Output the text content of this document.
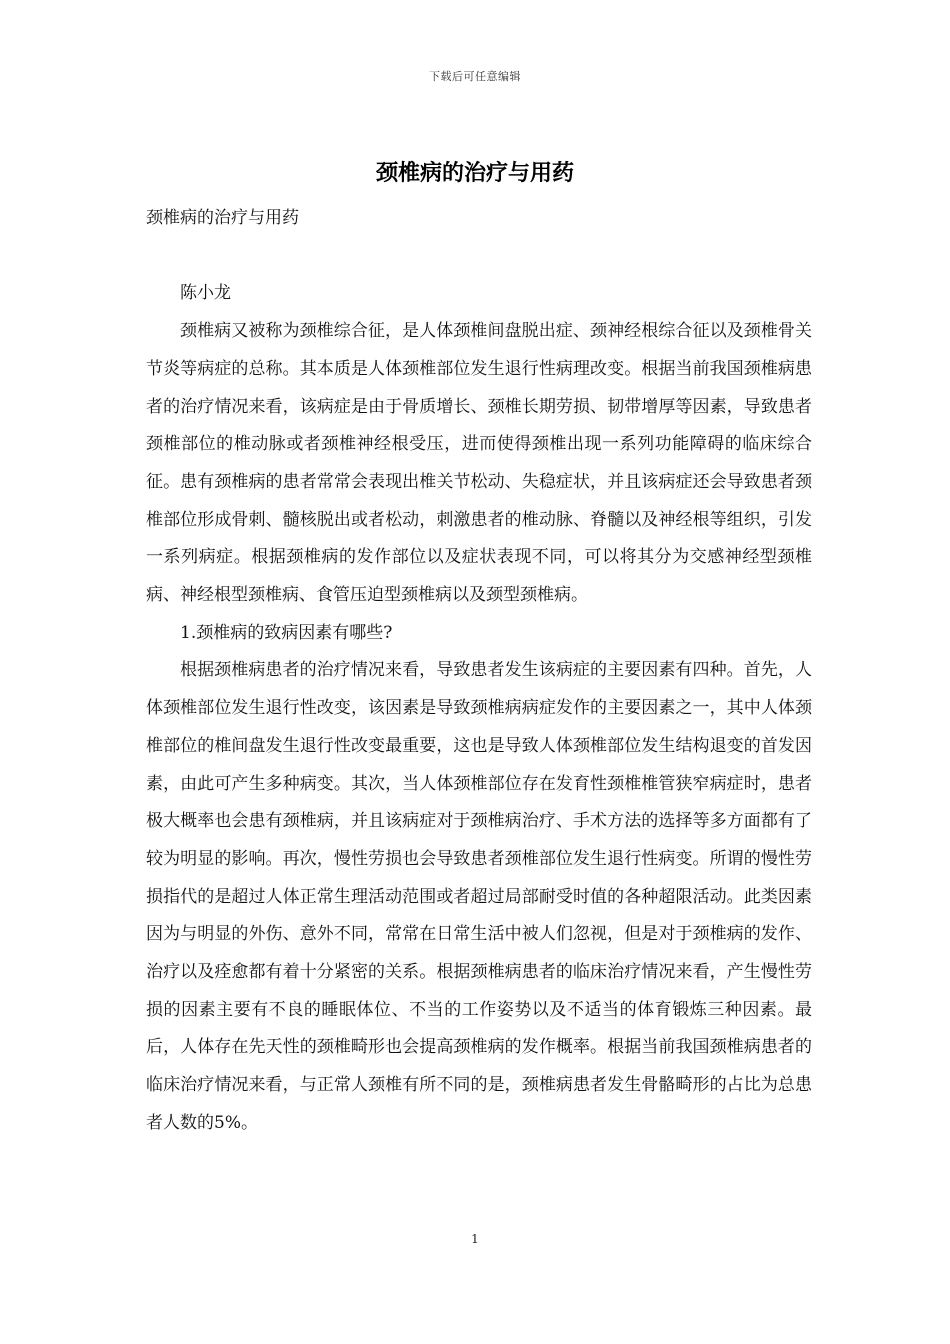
下载后可任意编辑
颈椎病的治疗与用药

颈椎病的治疗与用药

陈小龙

颈椎病又被称为颈椎综合征，是人体颈椎间盘脱出症、颈神经根综合征以及颈椎骨关节炎等病症的总称。其本质是人体颈椎部位发生退行性病理改变。根据当前我国颈椎病患者的治疗情况来看，该病症是由于骨质增长、颈椎长期劳损、韧带增厚等因素，导致患者颈椎部位的椎动脉或者颈椎神经根受压，进而使得颈椎出现一系列功能障碍的临床综合征。患有颈椎病的患者常常会表现出椎关节松动、失稳症状，并且该病症还会导致患者颈椎部位形成骨刺、髓核脱出或者松动，刺激患者的椎动脉、脊髓以及神经根等组织，引发一系列病症。根据颈椎病的发作部位以及症状表现不同，可以将其分为交感神经型颈椎病、神经根型颈椎病、食管压迫型颈椎病以及颈型颈椎病。

1.颈椎病的致病因素有哪些?

根据颈椎病患者的治疗情况来看，导致患者发生该病症的主要因素有四种。首先，人体颈椎部位发生退行性改变，该因素是导致颈椎病病症发作的主要因素之一，其中人体颈椎部位的椎间盘发生退行性改变最重要，这也是导致人体颈椎部位发生结构退变的首发因素，由此可产生多种病变。其次，当人体颈椎部位存在发育性颈椎椎管狭窄病症时，患者极大概率也会患有颈椎病，并且该病症对于颈椎病治疗、手术方法的选择等多方面都有了较为明显的影响。再次，慢性劳损也会导致患者颈椎部位发生退行性病变。所谓的慢性劳损指代的是超过人体正常生理活动范围或者超过局部耐受时值的各种超限活动。此类因素因为与明显的外伤、意外不同，常常在日常生活中被人们忽视，但是对于颈椎病的发作、治疗以及痊愈都有着十分紧密的关系。根据颈椎病患者的临床治疗情况来看，产生慢性劳损的因素主要有不良的睡眠体位、不当的工作姿势以及不适当的体育锻炼三种因素。最后，人体存在先天性的颈椎畸形也会提高颈椎病的发作概率。根据当前我国颈椎病患者的临床治疗情况来看，与正常人颈椎有所不同的是，颈椎病患者发生骨骼畸形的占比为总患者人数的5%。

1
